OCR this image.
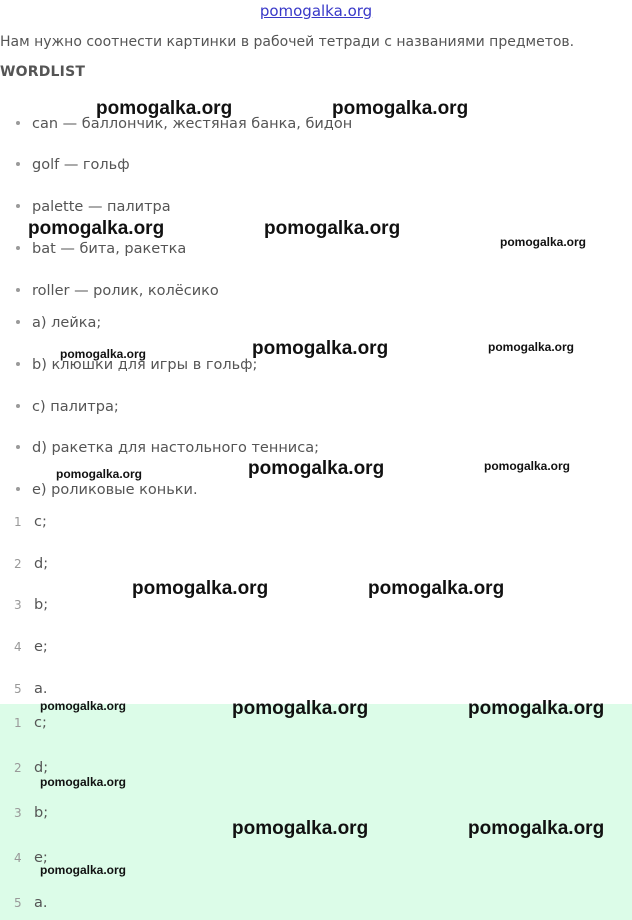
pomogalka.org
Нам нужно соотнести картинки в рабочей тетради с названиями предметов.
WORDLIST
can — баллончик, жестяная банка, бидон
golf — гольф
palette — палитра
bat — бита, ракетка
roller — ролик, колёсико
a) лейка;
b) клюшки для игры в гольф;
c) палитра;
d) ракетка для настольного тенниса;
e) роликовые коньки.
1 c;
2 d;
3 b;
4 e;
5 a.
1 c;
2 d;
3 b;
4 e;
5 a.
pomogalka.org	pomogalka.org
pomogalka.org	pomogalka.org
pomogalka.org
pomogalka.org	pomogalka.org	pomogalka.org
pomogalka.org	pomogalka.org	pomogalka.org
pomogalka.org	pomogalka.org
pomogalka.org	pomogalka.org	pomogalka.org
pomogalka.org
pomogalka.org	pomogalka.org
pomogalka.org
